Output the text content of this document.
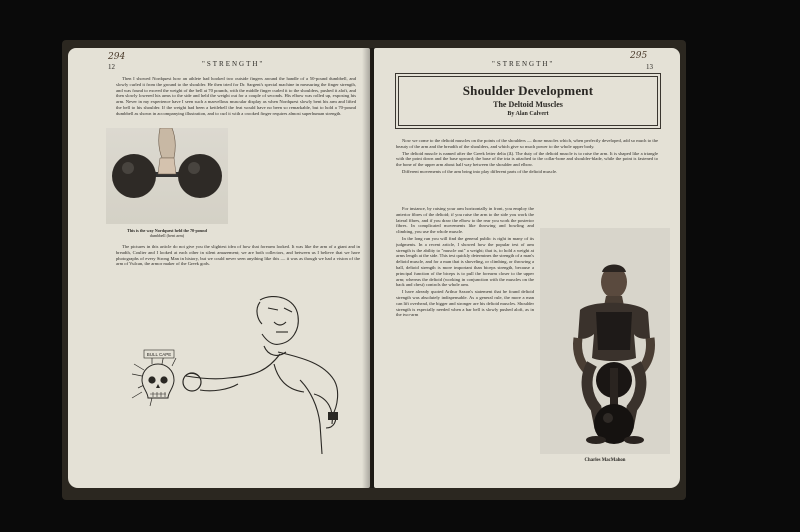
294
12	"STRENGTH"

Then I showed Nordquest how an athlete had hooked two outside fingers around the handle of a 50-pound dumbbell, and slowly curled it from the ground to the shoulder. He then tried for Dr. Sargent's special machine in measuring the finger strength, and was found to exceed the weight of the bell at 70 pounds, with the middle finger curled it to the shoulders, pushed it aloft, and then slowly lowered his arms to the side and held the weight out for a couple of seconds. His elbow was rolled up, exposing his arm. Never in my experience have I seen such a marvellous muscular display as when Nordquest slowly bent his arm and lifted the bell to his shoulder. If the weight had been a kettlebell the feat would have no been so remarkable, but to hold a 70-pound dumbbell as shown in accompanying illustration, and to curl it with a crooked finger requires almost superhuman strength.

This is the way Nordquest held the 70-pound
dumbbell (bent arm)

The pictures in this article do not give you the slightest idea of how that forearm looked. It was like the arm of a giant and in breadth, Coulter and I looked at each other in silent amazement; we are both collectors, and between us I believe that we have photographs of every Strong Man in history, but we could never seen anything like this — it was as though we had a vision of the arm of Vulcan, the armor maker of the Greek gods.

BULL CAPE
295
13
"STRENGTH"
Shoulder Development
The Deltoid Muscles
By Alan Calvert

Now we come to the deltoid muscles on the points of the shoulders — those muscles which, when perfectly developed, add so much to the beauty of the arm and the breadth of the shoulders, and which give so much power to the whole upper body.

The deltoid muscle is named after the Greek letter delta (Δ). The duty of the deltoid muscle is to raise the arm. It is shaped like a triangle with the point down and the base upward; the base of the tria is attached to the collar-bone and shoulder-blade, while the point is fastened to the bone of the upper arm about half way between the shoulder and elbow.

Different movements of the arm bring into play different parts of the deltoid muscle.

For instance, by raising your arm horizontally in front, you employ the anterior fibres of the deltoid; if you raise the arm to the side you work the lateral fibres, and if you draw the elbow to the rear you work the posterior fibres. In complicated movements like throwing and bowling and climbing, you use the whole muscle.

In the long run you will find the general public is right in many of its judgments. In a recent article, I showed how the popular test of arm strength is the ability to "muscle out" a weight; that is, to hold a weight at arms length at the side. This test quickly determines the strength of a man's deltoid muscle, and for a man that is shoveling, or climbing, or throwing a ball, deltoid strength is more important than biceps strength, because a principal function of the biceps is to pull the forearm closer to the upper arm; whereas the deltoid (working in conjunction with the muscles on the back and chest) controls the whole arm.

I have already quoted Arthur Saxon's statement that he found deltoid strength was absolutely indispensable. As a general rule, the more a man can lift overhead, the bigger and stronger are his deltoid muscles. Shoulder strength is especially needed when a bar bell is slowly pushed aloft, as in the two-arm

Charles MacMahon
